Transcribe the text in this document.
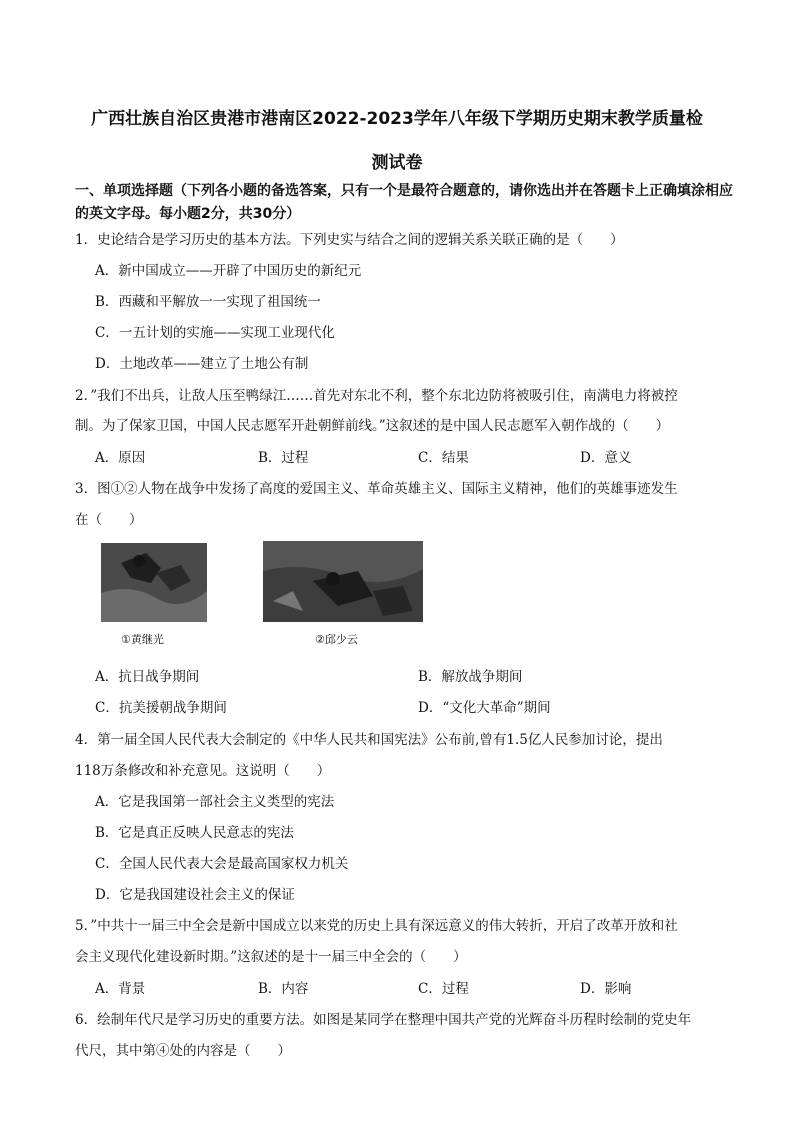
广西壮族自治区贵港市港南区2022-2023学年八年级下学期历史期末教学质量检
测试卷
一、单项选择题（下列各小题的备选答案，只有一个是最符合题意的，请你选出并在答题卡上正确填涂相应的英文字母。每小题2分，共30分）
1．史论结合是学习历史的基本方法。下列史实与结合之间的逻辑关系关联正确的是（　　）
A．新中国成立——开辟了中国历史的新纪元
B．西藏和平解放一一实现了祖国统一
C．一五计划的实施——实现工业现代化
D．土地改革——建立了土地公有制
2．”我们不出兵，让敌人压至鸭绿江……首先对东北不利，整个东北边防将被吸引住，南满电力将被控
制。为了保家卫国，中国人民志愿军开赴朝鲜前线。”这叙述的是中国人民志愿军入朝作战的（　　）
A．原因	B．过程	C．结果	D．意义
3．图①②人物在战争中发扬了高度的爱国主义、革命英雄主义、国际主义精神，他们的英雄事迹发生
在（　　）
①黄继光	②邱少云
A．抗日战争期间	B．解放战争期间
C．抗美援朝战争期间	D．“文化大革命”期间
4．第一届全国人民代表大会制定的《中华人民共和国宪法》公布前,曾有1.5亿人民参加讨论，提出
118万条修改和补充意见。这说明（　　）
A．它是我国第一部社会主义类型的宪法
B．它是真正反映人民意志的宪法
C．全国人民代表大会是最高国家权力机关
D．它是我国建设社会主义的保证
5．”中共十一届三中全会是新中国成立以来党的历史上具有深远意义的伟大转折，开启了改革开放和社
会主义现代化建设新时期。”这叙述的是十一届三中全会的（　　）
A．背景	B．内容	C．过程	D．影响
6．绘制年代尺是学习历史的重要方法。如图是某同学在整理中国共产党的光辉奋斗历程时绘制的党史年
代尺，其中第④处的内容是（　　）
